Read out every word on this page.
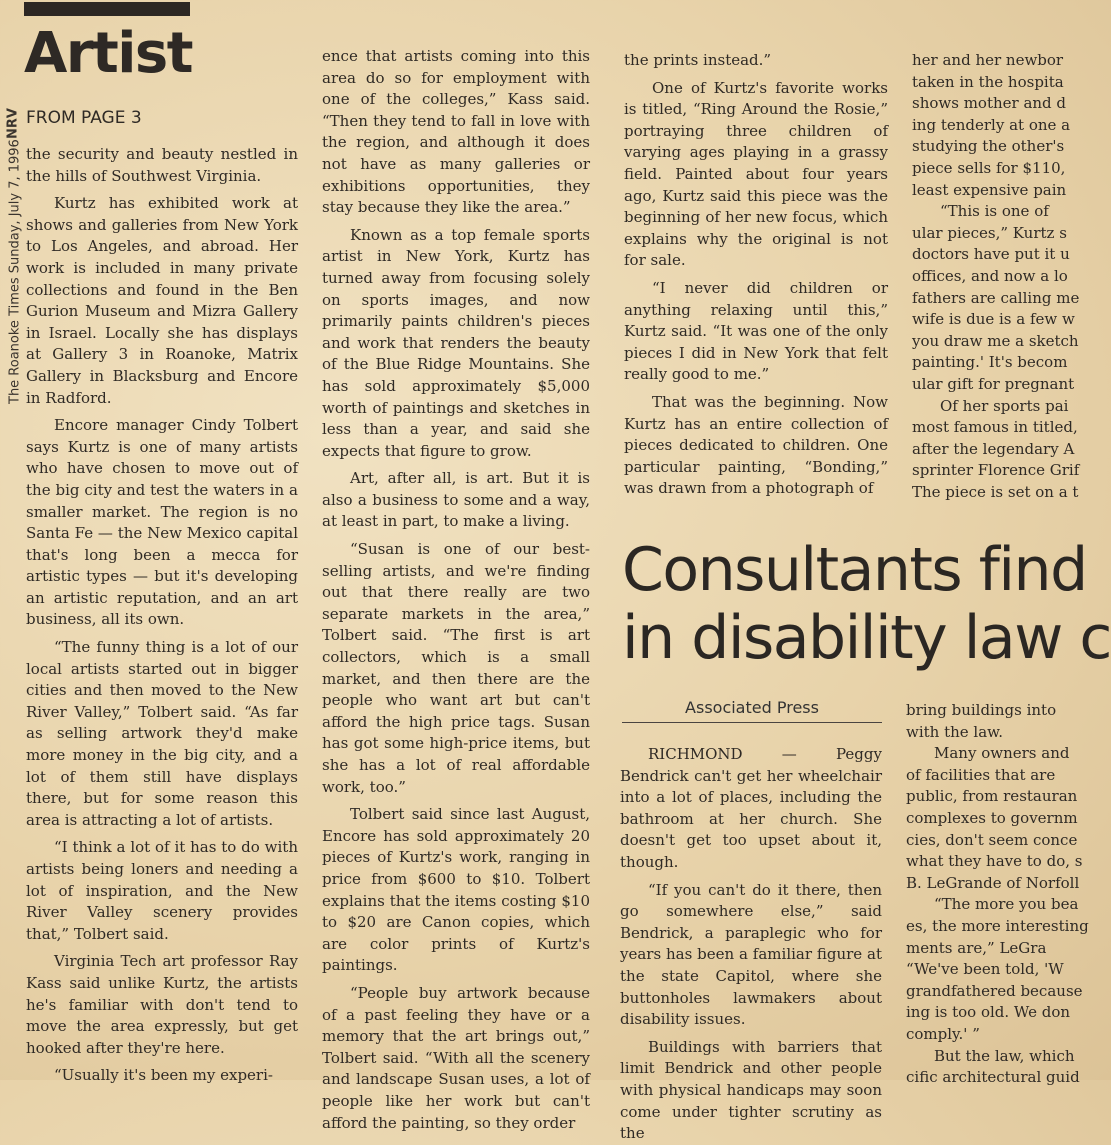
The Roanoke Times Sunday, July 7, 1996
NRV
Artist
FROM PAGE 3

the security and beauty nestled in the hills of Southwest Virginia.

Kurtz has exhibited work at shows and galleries from New York to Los Angeles, and abroad. Her work is included in many private collections and found in the Ben Gurion Museum and Mizra Gallery in Israel. Locally she has displays at Gallery 3 in Roanoke, Matrix Gallery in Blacksburg and Encore in Radford.

Encore manager Cindy Tolbert says Kurtz is one of many artists who have chosen to move out of the big city and test the waters in a smaller market. The region is no Santa Fe — the New Mexico capital that's long been a mecca for artistic types — but it's developing an artistic reputation, and an art business, all its own.

“The funny thing is a lot of our local artists started out in bigger cities and then moved to the New River Valley,” Tolbert said. “As far as selling artwork they'd make more money in the big city, and a lot of them still have displays there, but for some reason this area is attracting a lot of artists.

“I think a lot of it has to do with artists being loners and needing a lot of inspiration, and the New River Valley scenery provides that,” Tolbert said.

Virginia Tech art professor Ray Kass said unlike Kurtz, the artists he's familiar with don't tend to move the area expressly, but get hooked after they're here.

“Usually it's been my experi-

ence that artists coming into this area do so for employment with one of the colleges,” Kass said. “Then they tend to fall in love with the region, and although it does not have as many galleries or exhibitions opportunities, they stay because they like the area.”

Known as a top female sports artist in New York, Kurtz has turned away from focusing solely on sports images, and now primarily paints children's pieces and work that renders the beauty of the Blue Ridge Mountains. She has sold approximately $5,000 worth of paintings and sketches in less than a year, and said she expects that figure to grow.

Art, after all, is art. But it is also a business to some and a way, at least in part, to make a living.

“Susan is one of our best-selling artists, and we're finding out that there really are two separate markets in the area,” Tolbert said. “The first is art collectors, which is a small market, and then there are the people who want art but can't afford the high price tags. Susan has got some high-price items, but she has a lot of real affordable work, too.”

Tolbert said since last August, Encore has sold approximately 20 pieces of Kurtz's work, ranging in price from $600 to $10. Tolbert explains that the items costing $10 to $20 are Canon copies, which are color prints of Kurtz's paintings.

“People buy artwork because of a past feeling they have or a memory that the art brings out,” Tolbert said. “With all the scenery and landscape Susan uses, a lot of people like her work but can't afford the painting, so they order

the prints instead.”

One of Kurtz's favorite works is titled, “Ring Around the Rosie,” portraying three children of varying ages playing in a grassy field. Painted about four years ago, Kurtz said this piece was the beginning of her new focus, which explains why the original is not for sale.

“I never did children or anything relaxing until this,” Kurtz said. “It was one of the only pieces I did in New York that felt really good to me.”

That was the beginning. Now Kurtz has an entire collection of pieces dedicated to children. One particular painting, “Bonding,” was drawn from a photograph of

her and her newbor
taken in the hospita
shows mother and d
ing tenderly at one a
studying the other's
piece sells for $110,
least expensive pain
“This is one of
ular pieces,” Kurtz s
doctors have put it u
offices, and now a lo
fathers are calling me
wife is due is a few w
you draw me a sketch
painting.' It's becom
ular gift for pregnant
Of her sports pai
most famous in titled,
after the legendary A
sprinter Florence Grif
The piece is set on a t
Consultants find
in disability law c
Associated Press

RICHMOND — Peggy Bendrick can't get her wheelchair into a lot of places, including the bathroom at her church. She doesn't get too upset about it, though.

“If you can't do it there, then go somewhere else,” said Bendrick, a paraplegic who for years has been a familiar figure at the state Capitol, where she buttonholes lawmakers about disability issues.

Buildings with barriers that limit Bendrick and other people with physical handicaps may soon come under tighter scrutiny as the

bring buildings into
with the law.
Many owners and
of facilities that are
public, from restauran
complexes to governm
cies, don't seem conce
what they have to do, s
B. LeGrande of Norfoll
“The more you bea
es, the more interesting
ments are,” LeGra
“We've been told, 'W
grandfathered because
ing is too old. We don
comply.' ”
But the law, which
cific architectural guid
